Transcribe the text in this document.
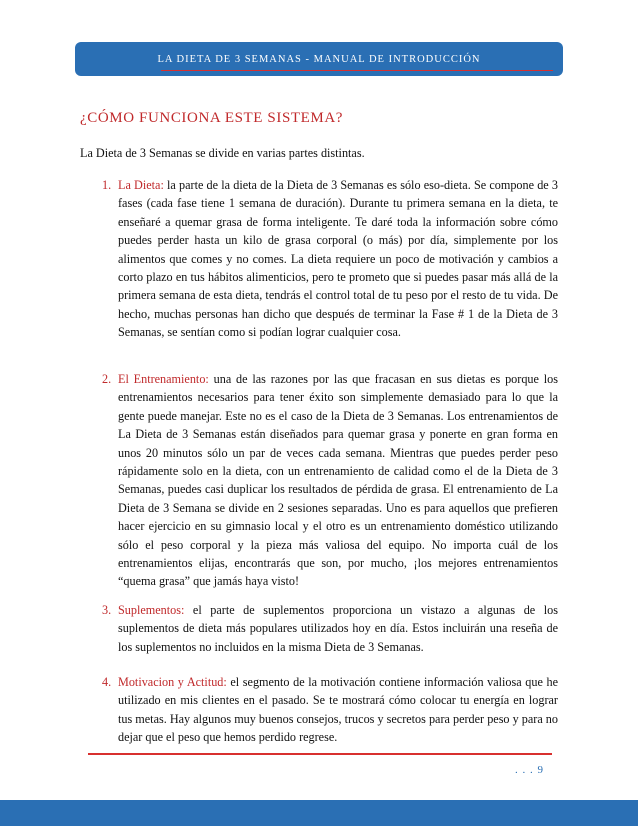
LA DIETA DE 3 SEMANAS - MANUAL DE INTRODUCCIÓN
¿CÓMO FUNCIONA ESTE SISTEMA?

La Dieta de 3 Semanas se divide en varias partes distintas.

1. La Dieta: la parte de la dieta de la Dieta de 3 Semanas es sólo eso-dieta. Se compone de 3 fases (cada fase tiene 1 semana de duración). Durante tu primera semana en la dieta, te enseñaré a quemar grasa de forma inteligente. Te daré toda la información sobre cómo puedes perder hasta un kilo de grasa corporal (o más) por día, simplemente por los alimentos que comes y no comes. La dieta requiere un poco de motivación y cambios a corto plazo en tus hábitos alimenticios, pero te prometo que si puedes pasar más allá de la primera semana de esta dieta, tendrás el control total de tu peso por el resto de tu vida. De hecho, muchas personas han dicho que después de terminar la Fase # 1 de la Dieta de 3 Semanas, se sentían como si podían lograr cualquier cosa.
2. El Entrenamiento: una de las razones por las que fracasan en sus dietas es porque los entrenamientos necesarios para tener éxito son simplemente demasiado para lo que la gente puede manejar. Este no es el caso de la Dieta de 3 Semanas. Los entrenamientos de La Dieta de 3 Semanas están diseñados para quemar grasa y ponerte en gran forma en unos 20 minutos sólo un par de veces cada semana. Mientras que puedes perder peso rápidamente solo en la dieta, con un entrenamiento de calidad como el de la Dieta de 3 Semanas, puedes casi duplicar los resultados de pérdida de grasa. El entrenamiento de La Dieta de 3 Semana se divide en 2 sesiones separadas. Uno es para aquellos que prefieren hacer ejercicio en su gimnasio local y el otro es un entrenamiento doméstico utilizando sólo el peso corporal y la pieza más valiosa del equipo. No importa cuál de los entrenamientos elijas, encontrarás que son, por mucho, ¡los mejores entrenamientos “quema grasa” que jamás haya visto!
3. Suplementos: el parte de suplementos proporciona un vistazo a algunas de los suplementos de dieta más populares utilizados hoy en día. Estos incluirán una reseña de los suplementos no incluidos en la misma Dieta de 3 Semanas.
4. Motivacion y Actitud: el segmento de la motivación contiene información valiosa que he utilizado en mis clientes en el pasado. Se te mostrará cómo colocar tu energía en lograr tus metas. Hay algunos muy buenos consejos, trucos y secretos para perder peso y para no dejar que el peso que hemos perdido regrese.
. . . 9
